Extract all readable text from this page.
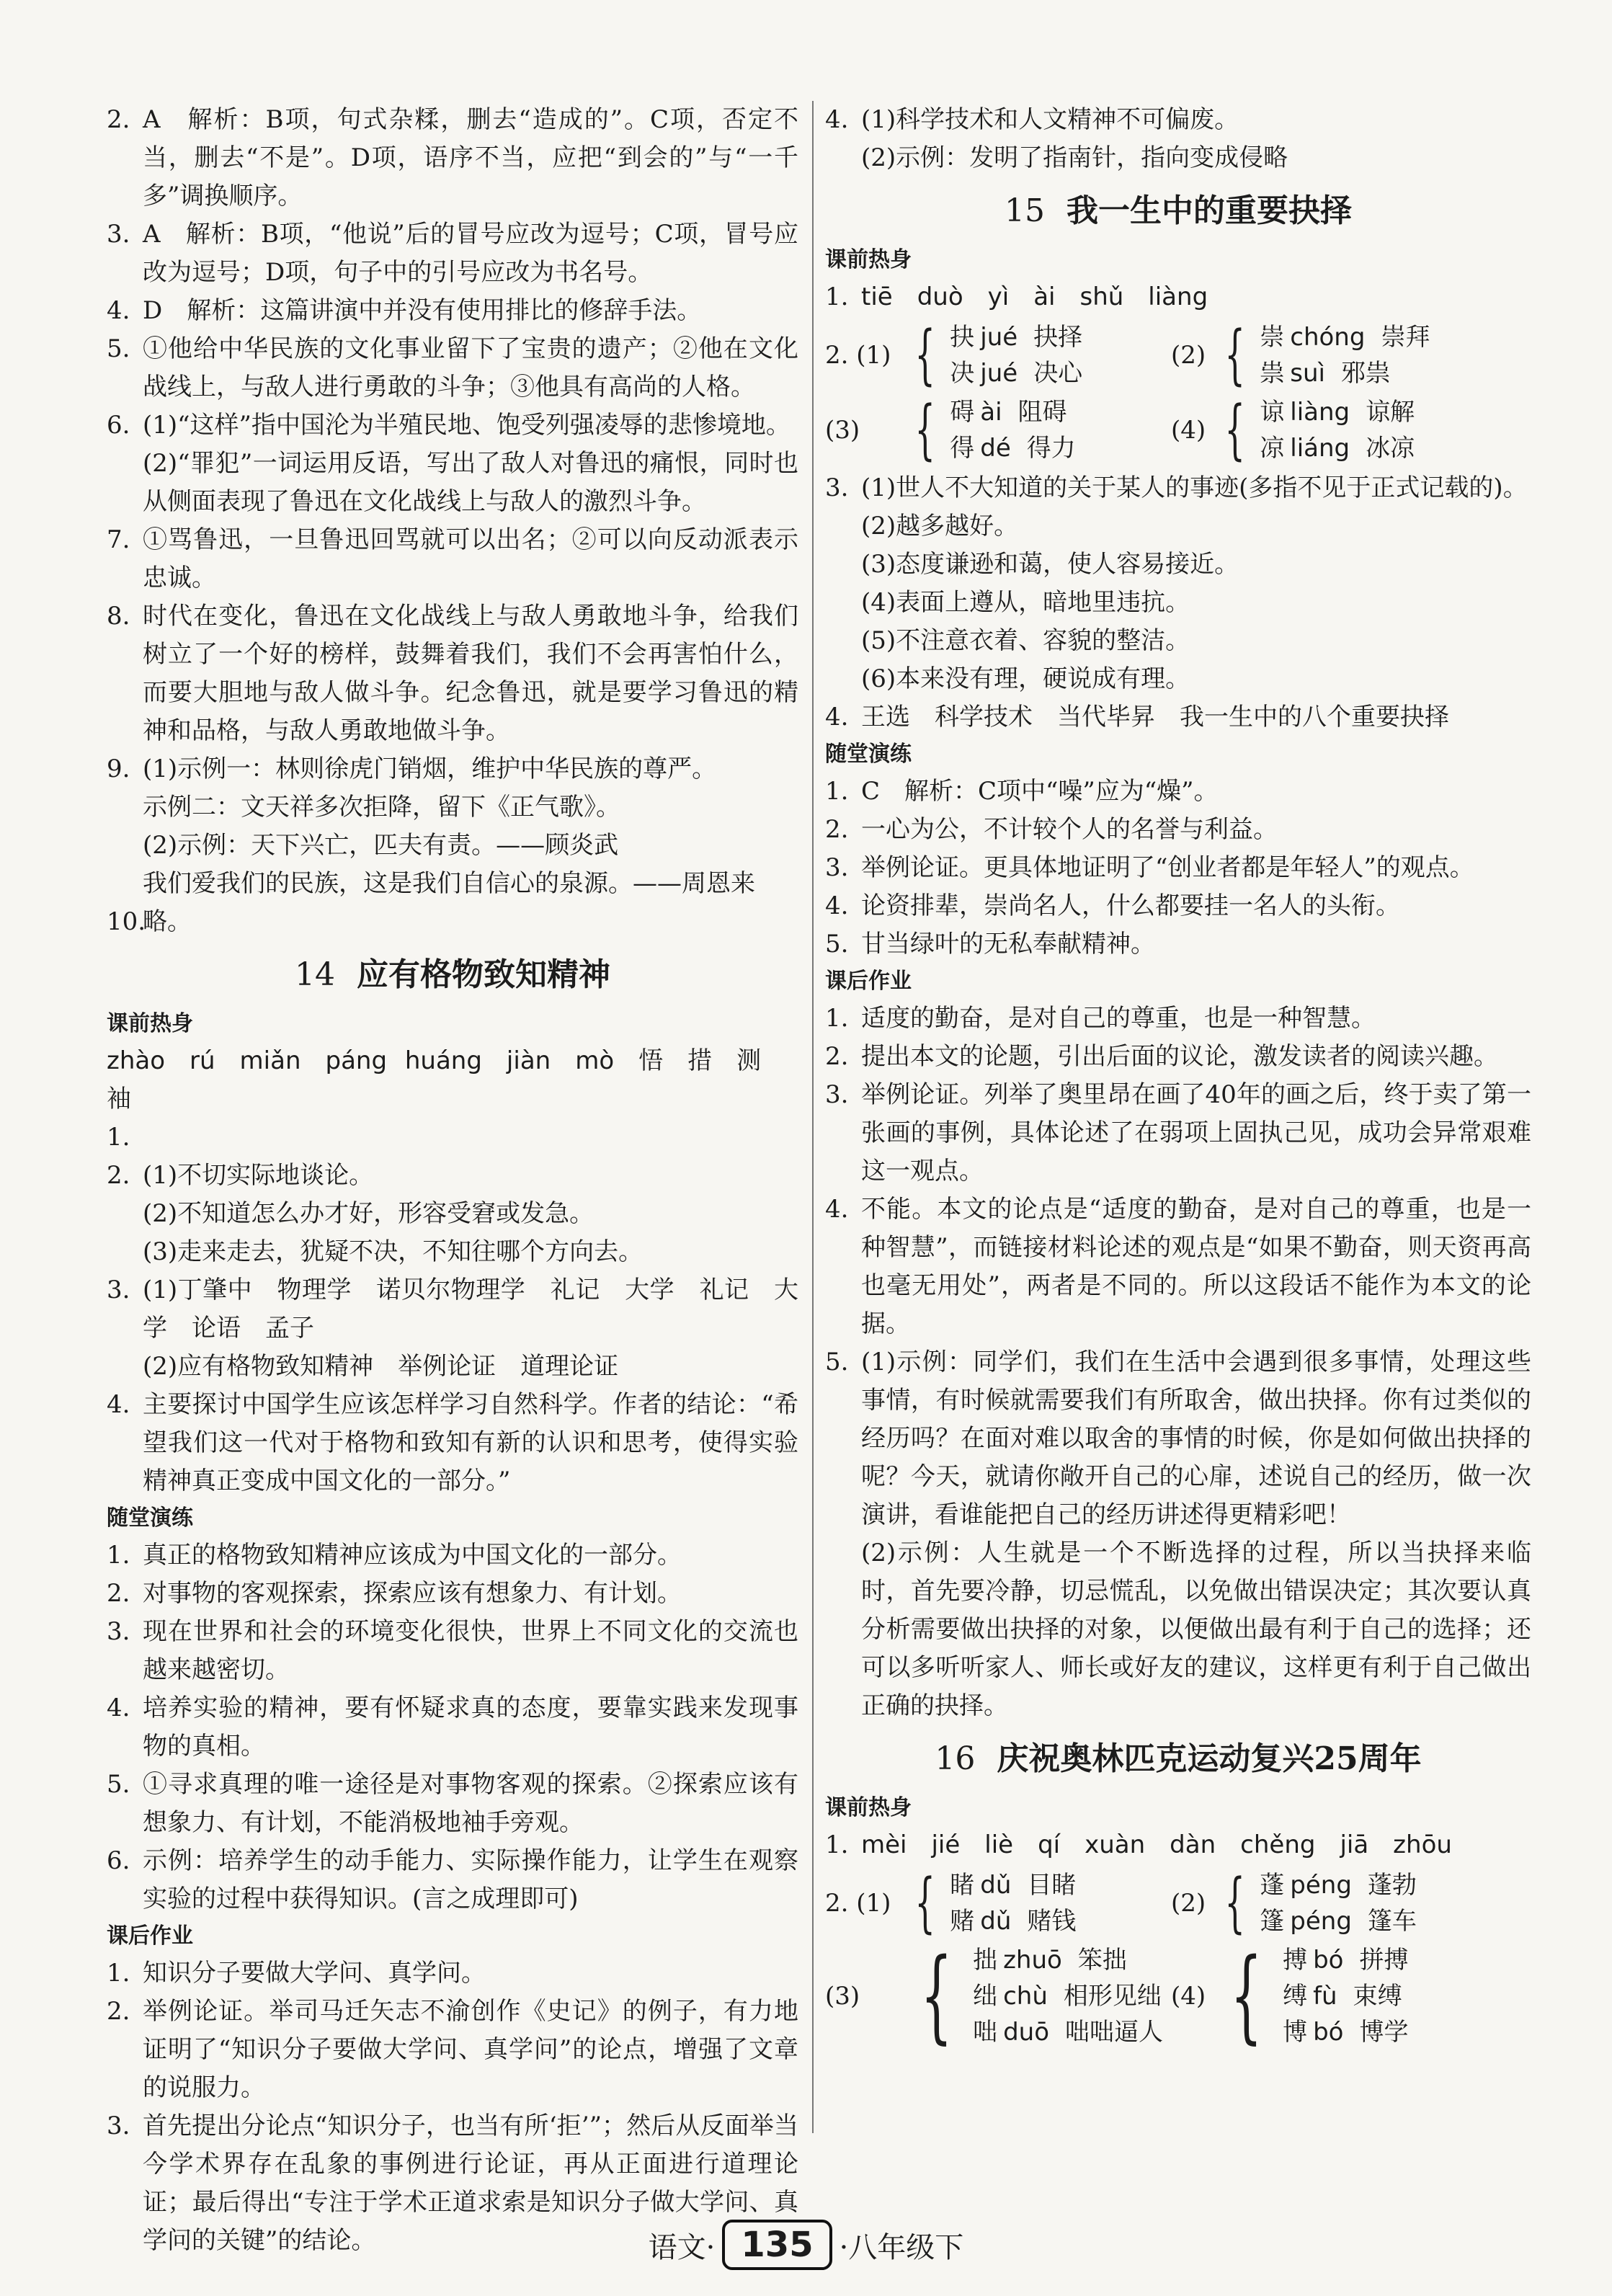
2. A　解析：B项，句式杂糅，删去“造成的”。C项，否定不当，删去“不是”。D项，语序不当，应把“到会的”与“一千多”调换顺序。
3. A　解析：B项，“他说”后的冒号应改为逗号；C项，冒号应改为逗号；D项，句子中的引号应改为书名号。
4. D　解析：这篇讲演中并没有使用排比的修辞手法。
5. ①他给中华民族的文化事业留下了宝贵的遗产；②他在文化战线上，与敌人进行勇敢的斗争；③他具有高尚的人格。
6. (1)“这样”指中国沦为半殖民地、饱受列强凌辱的悲惨境地。
(2)“罪犯”一词运用反语，写出了敌人对鲁迅的痛恨，同时也从侧面表现了鲁迅在文化战线上与敌人的激烈斗争。
7. ①骂鲁迅，一旦鲁迅回骂就可以出名；②可以向反动派表示忠诚。
8. 时代在变化，鲁迅在文化战线上与敌人勇敢地斗争，给我们树立了一个好的榜样，鼓舞着我们，我们不会再害怕什么，而要大胆地与敌人做斗争。纪念鲁迅，就是要学习鲁迅的精神和品格，与敌人勇敢地做斗争。
9. (1)示例一：林则徐虎门销烟，维护中华民族的尊严。
示例二：文天祥多次拒降，留下《正气歌》。
(2)示例：天下兴亡，匹夫有责。——顾炎武
我们爱我们的民族，这是我们自信心的泉源。——周恩来
10.
略。
14 应有格物致知精神
课前热身
zhào　rú　miǎn　páng huáng　jiàn　mò　悟　措　测　袖
1.
2. (1)不切实际地谈论。
(2)不知道怎么办才好，形容受窘或发急。
(3)走来走去，犹疑不决，不知往哪个方向去。
3. (1)丁肇中　物理学　诺贝尔物理学　礼记　大学　礼记　大学　论语　孟子
(2)应有格物致知精神　举例论证　道理论证
4. 主要探讨中国学生应该怎样学习自然科学。作者的结论：“希望我们这一代对于格物和致知有新的认识和思考，使得实验精神真正变成中国文化的一部分。”
随堂演练
1. 真正的格物致知精神应该成为中国文化的一部分。
2. 对事物的客观探索，探索应该有想象力、有计划。
3. 现在世界和社会的环境变化很快，世界上不同文化的交流也越来越密切。
4. 培养实验的精神，要有怀疑求真的态度，要靠实践来发现事物的真相。
5. ①寻求真理的唯一途径是对事物客观的探索。②探索应该有想象力、有计划，不能消极地袖手旁观。
6. 示例：培养学生的动手能力、实际操作能力，让学生在观察实验的过程中获得知识。(言之成理即可)
课后作业
1. 知识分子要做大学问、真学问。
2. 举例论证。举司马迁矢志不渝创作《史记》的例子，有力地证明了“知识分子要做大学问、真学问”的论点，增强了文章的说服力。
3. 首先提出分论点“知识分子，也当有所‘拒’”；然后从反面举当今学术界存在乱象的事例进行论证，再从正面进行道理论证；最后得出“专注于学术正道求索是知识分子做大学问、真学问的关键”的结论。
4. (1)科学技术和人文精神不可偏废。
(2)示例：发明了指南针，指向变成侵略
15 我一生中的重要抉择
课前热身
1. tiē　duò　yì　ài　shǔ　liàng
2. (1) { 抉 jué 抉择
决 jué 决心
(2) { 崇 chóng 崇拜
祟 suì 邪祟
(3) { 碍 ài 阻碍
得 dé 得力
(4) { 谅 liàng 谅解
凉 liáng 冰凉
3. (1)世人不大知道的关于某人的事迹(多指不见于正式记载的)。
(2)越多越好。
(3)态度谦逊和蔼，使人容易接近。
(4)表面上遵从，暗地里违抗。
(5)不注意衣着、容貌的整洁。
(6)本来没有理，硬说成有理。
4. 王选　科学技术　当代毕昇　我一生中的八个重要抉择
随堂演练
1. C　解析：C项中“噪”应为“燥”。
2. 一心为公，不计较个人的名誉与利益。
3. 举例论证。更具体地证明了“创业者都是年轻人”的观点。
4. 论资排辈，崇尚名人，什么都要挂一名人的头衔。
5. 甘当绿叶的无私奉献精神。
课后作业
1. 适度的勤奋，是对自己的尊重，也是一种智慧。
2. 提出本文的论题，引出后面的议论，激发读者的阅读兴趣。
3. 举例论证。列举了奥里昂在画了40年的画之后，终于卖了第一张画的事例，具体论述了在弱项上固执己见，成功会异常艰难这一观点。
4. 不能。本文的论点是“适度的勤奋，是对自己的尊重，也是一种智慧”，而链接材料论述的观点是“如果不勤奋，则天资再高也毫无用处”，两者是不同的。所以这段话不能作为本文的论据。
5. (1)示例：同学们，我们在生活中会遇到很多事情，处理这些事情，有时候就需要我们有所取舍，做出抉择。你有过类似的经历吗？在面对难以取舍的事情的时候，你是如何做出抉择的呢？今天，就请你敞开自己的心扉，述说自己的经历，做一次演讲，看谁能把自己的经历讲述得更精彩吧！
(2)示例：人生就是一个不断选择的过程，所以当抉择来临时，首先要冷静，切忌慌乱，以免做出错误决定；其次要认真分析需要做出抉择的对象，以便做出最有利于自己的选择；还可以多听听家人、师长或好友的建议，这样更有利于自己做出正确的抉择。
16 庆祝奥林匹克运动复兴25周年
课前热身
1. mèi　jié　liè　qí　xuàn　dàn　chěng　jiā　zhōu
2. (1) { 睹 dǔ 目睹
赌 dǔ 赌钱
(2) { 蓬 péng 蓬勃
篷 péng 篷车
(3) { 拙 zhuō 笨拙
绌 chù 相形见绌
咄 duō 咄咄逼人
(4) { 搏 bó 拼搏
缚 fù 束缚
博 bó 博学
语文· 135 ·八年级下
